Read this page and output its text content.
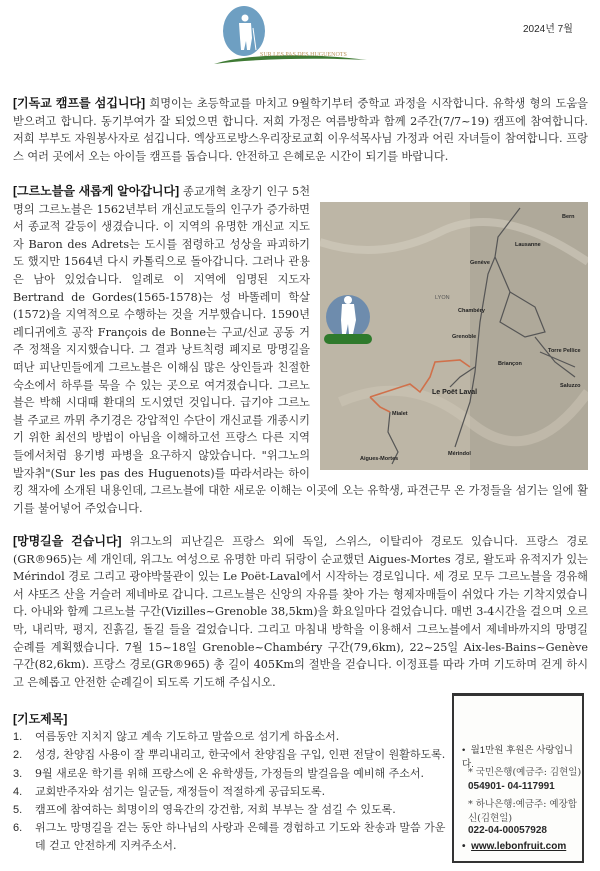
SUR LES PAS DES HUGUENOTS
2024년 7월
[기독교 캠프를 섬깁니다] 희명이는 초등학교를 마치고 9월학기부터 중학교 과정을 시작합니다. 유학생 형의 도움을 받으려고 합니다. 동기부여가 잘 되었으면 합니다. 저희 가정은 여름방학과 함께 2주간(7/7~19) 캠프에 참여합니다. 저희 부부도 자원봉사자로 섬깁니다. 엑상프로방스우리장로교회 이우석목사님 가정과 어린 자녀들이 참여합니다. 프랑스 여러 곳에서 오는 아이들 캠프를 돕습니다. 안전하고 은혜로운 시간이 되기를 바랍니다.
Bern
Lausanne
Genève
Chambéry
Grenoble
Le Poët Laval
Mialet
Mérindol
Aigues-Mortes
LYON
Torre Pellice
Briançon
Saluzzo
[그르노블을 새롭게 알아갑니다] 종교개혁 초장기 인구 5천명의 그르노블은 1562년부터 개신교도들의 인구가 증가하면서 종교적 갈등이 생겼습니다. 이 지역의 유명한 개신교 지도자 Baron des Adrets는 도시를 점령하고 성상을 파괴하기도 했지만 1564년 다시 카톨릭으로 돌아갑니다. 그러나 관용은 남아 있었습니다. 일례로 이 지역에 임명된 지도자 Bertrand de Gordes(1565-1578)는 성 바똘레미 학살(1572)을 지역적으로 수행하는 것을 거부했습니다. 1590년 레디귀에흐 공작 François de Bonne는 구교/신교 공동 거주 정책을 지지했습니다. 그 결과 낭트칙령 폐지로 망명길을 떠난 피난민들에게 그르노블은 이해심 많은 상인들과 친절한 숙소에서 하루를 묵을 수 있는 곳으로 여겨졌습니다. 그르노블은 박해 시대때 환대의 도시였던 것입니다. 급기야 그르노블 주교르 까뮈 추기경은 강압적인 수단이 개신교를 개종시키기 위한 최선의 방법이 아님을 이해하고선 프랑스 다른 지역들에서처럼 용기병 파병을 요구하지 않았습니다. "위그노의 발자취"(Sur les pas des Huguenots)를 따라서라는 하이킹 책자에 소개된 내용인데, 그르노블에 대한 새로운 이해는 이곳에 오는 유학생, 파견근무 온 가정들을 섬기는 일에 활기를 불어넣어 주었습니다.
[망명길을 걷습니다] 위그노의 피난길은 프랑스 외에 독일, 스위스, 이탈리아 경로도 있습니다. 프랑스 경로(GR®965)는 세 개인데, 위그노 여성으로 유명한 마리 뒤랑이 순교했던 Aigues-Mortes 경로, 왈도파 유적지가 있는 Mérindol 경로 그리고 광야박물관이 있는 Le Poët-Laval에서 시작하는 경로입니다. 세 경로 모두 그르노블을 경유해서 샤또즈 산을 거슬러 제네바로 갑니다. 그르노블은 신앙의 자유를 찾아 가는 형제자매들이 쉬었다 가는 기착지였습니다. 아내와 함께 그르노블 구간(Vizilles~Grenoble 38,5km)을 화요일마다 걸었습니다. 매번 3-4시간을 걸으며 오르막, 내리막, 평지, 진흙길, 돌길 들을 걸었습니다. 그리고 마침내 방학을 이용해서 그르노블에서 제네바까지의 망명길 순례를 계획했습니다. 7월 15~18일 Grenoble~Chambéry 구간(79,6km), 22~25일 Aix-les-Bains~Genève 구간(82,6km). 프랑스 경로(GR®965) 총 길이 405Km의 절반을 걷습니다. 이정표를 따라 가며 기도하며 걷게 하시고 은혜롭고 안전한 순례길이 되도록 기도해 주십시오.
[기도제목]
1. 여름동안 지치지 않고 계속 기도하고 말씀으로 섬기게 하옵소서.
2. 성경, 찬양집 사용이 잘 뿌리내리고, 한국에서 찬양집을 구입, 인편 전달이 원활하도록.
3. 9월 새로운 학기를 위해 프랑스에 온 유학생들, 가정들의 발걸음을 예비해 주소서.
4. 교회반주자와 섬기는 일군들, 재정들이 적절하게 공급되도록.
5. 캠프에 참여하는 희명이의 영육간의 강건함, 저희 부부는 잘 섬길 수 있도록.
6. 위그노 망명길을 걷는 동안 하나님의 사랑과 은혜를 경험하고 기도와 찬송과 말씀 가운데 걷고 안전하게 지켜주소서.
•  월1만원 후원은 사랑입니다.
* 국민은행(예금주: 김현일)
054901- 04-117991
* 하나은행:예금주: 예장합신(김현일)
022-04-00057928
•  www.lebonfruit.com
